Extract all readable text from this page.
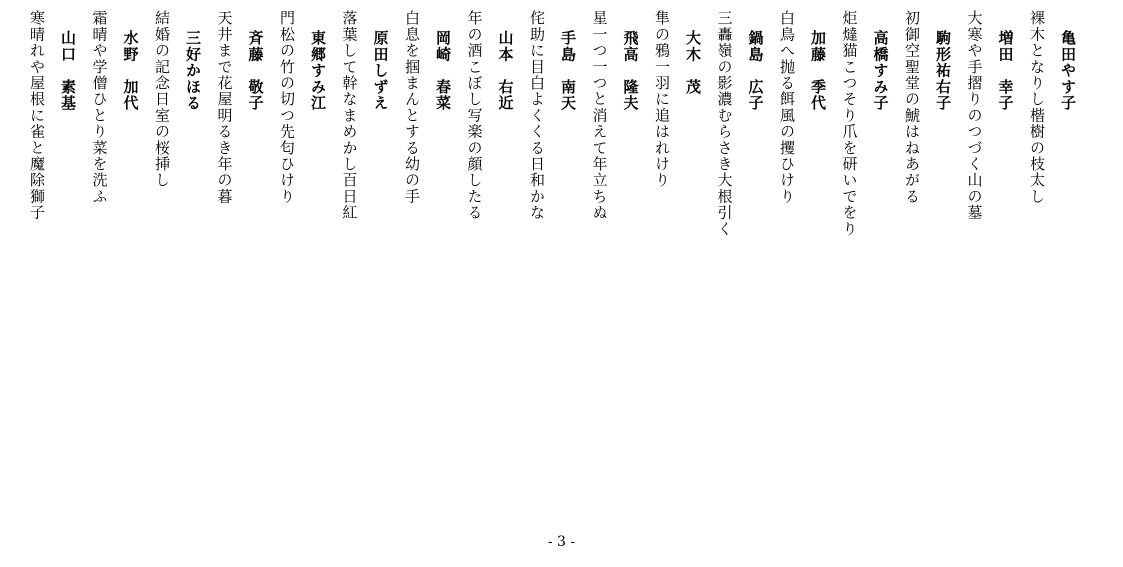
亀田やす子
裸木となりし楷樹の枝太し
増田　幸子
大寒や手摺りのつづく山の墓
駒形祐右子
初御空聖堂の鯱はねあがる
高橋すみ子
炬燵猫こつそり爪を研いでをり
加藤　季代
白鳥へ抛る餌風の攫ひけり
鍋島　広子
三轟嶺の影濃むらさき大根引く
大木　茂
隼の鴉一羽に追はれけり
飛高　隆夫
星一つ一つと消えて年立ちぬ
手島　南天
侘助に目白よくくる日和かな
山本　右近
年の酒こぼし写楽の顔したる
岡崎　春菜
白息を掴まんとする幼の手
原田しずえ
落葉して幹なまめかし百日紅
東郷すみ江
門松の竹の切つ先匂ひけり
斉藤　敬子
天井まで花屋明るき年の暮
三好かほる
結婚の記念日室の桜挿し
水野　加代
霜晴や学僧ひとり菜を洗ふ
山口　素基
寒晴れや屋根に雀と魔除獅子
- 3 -
